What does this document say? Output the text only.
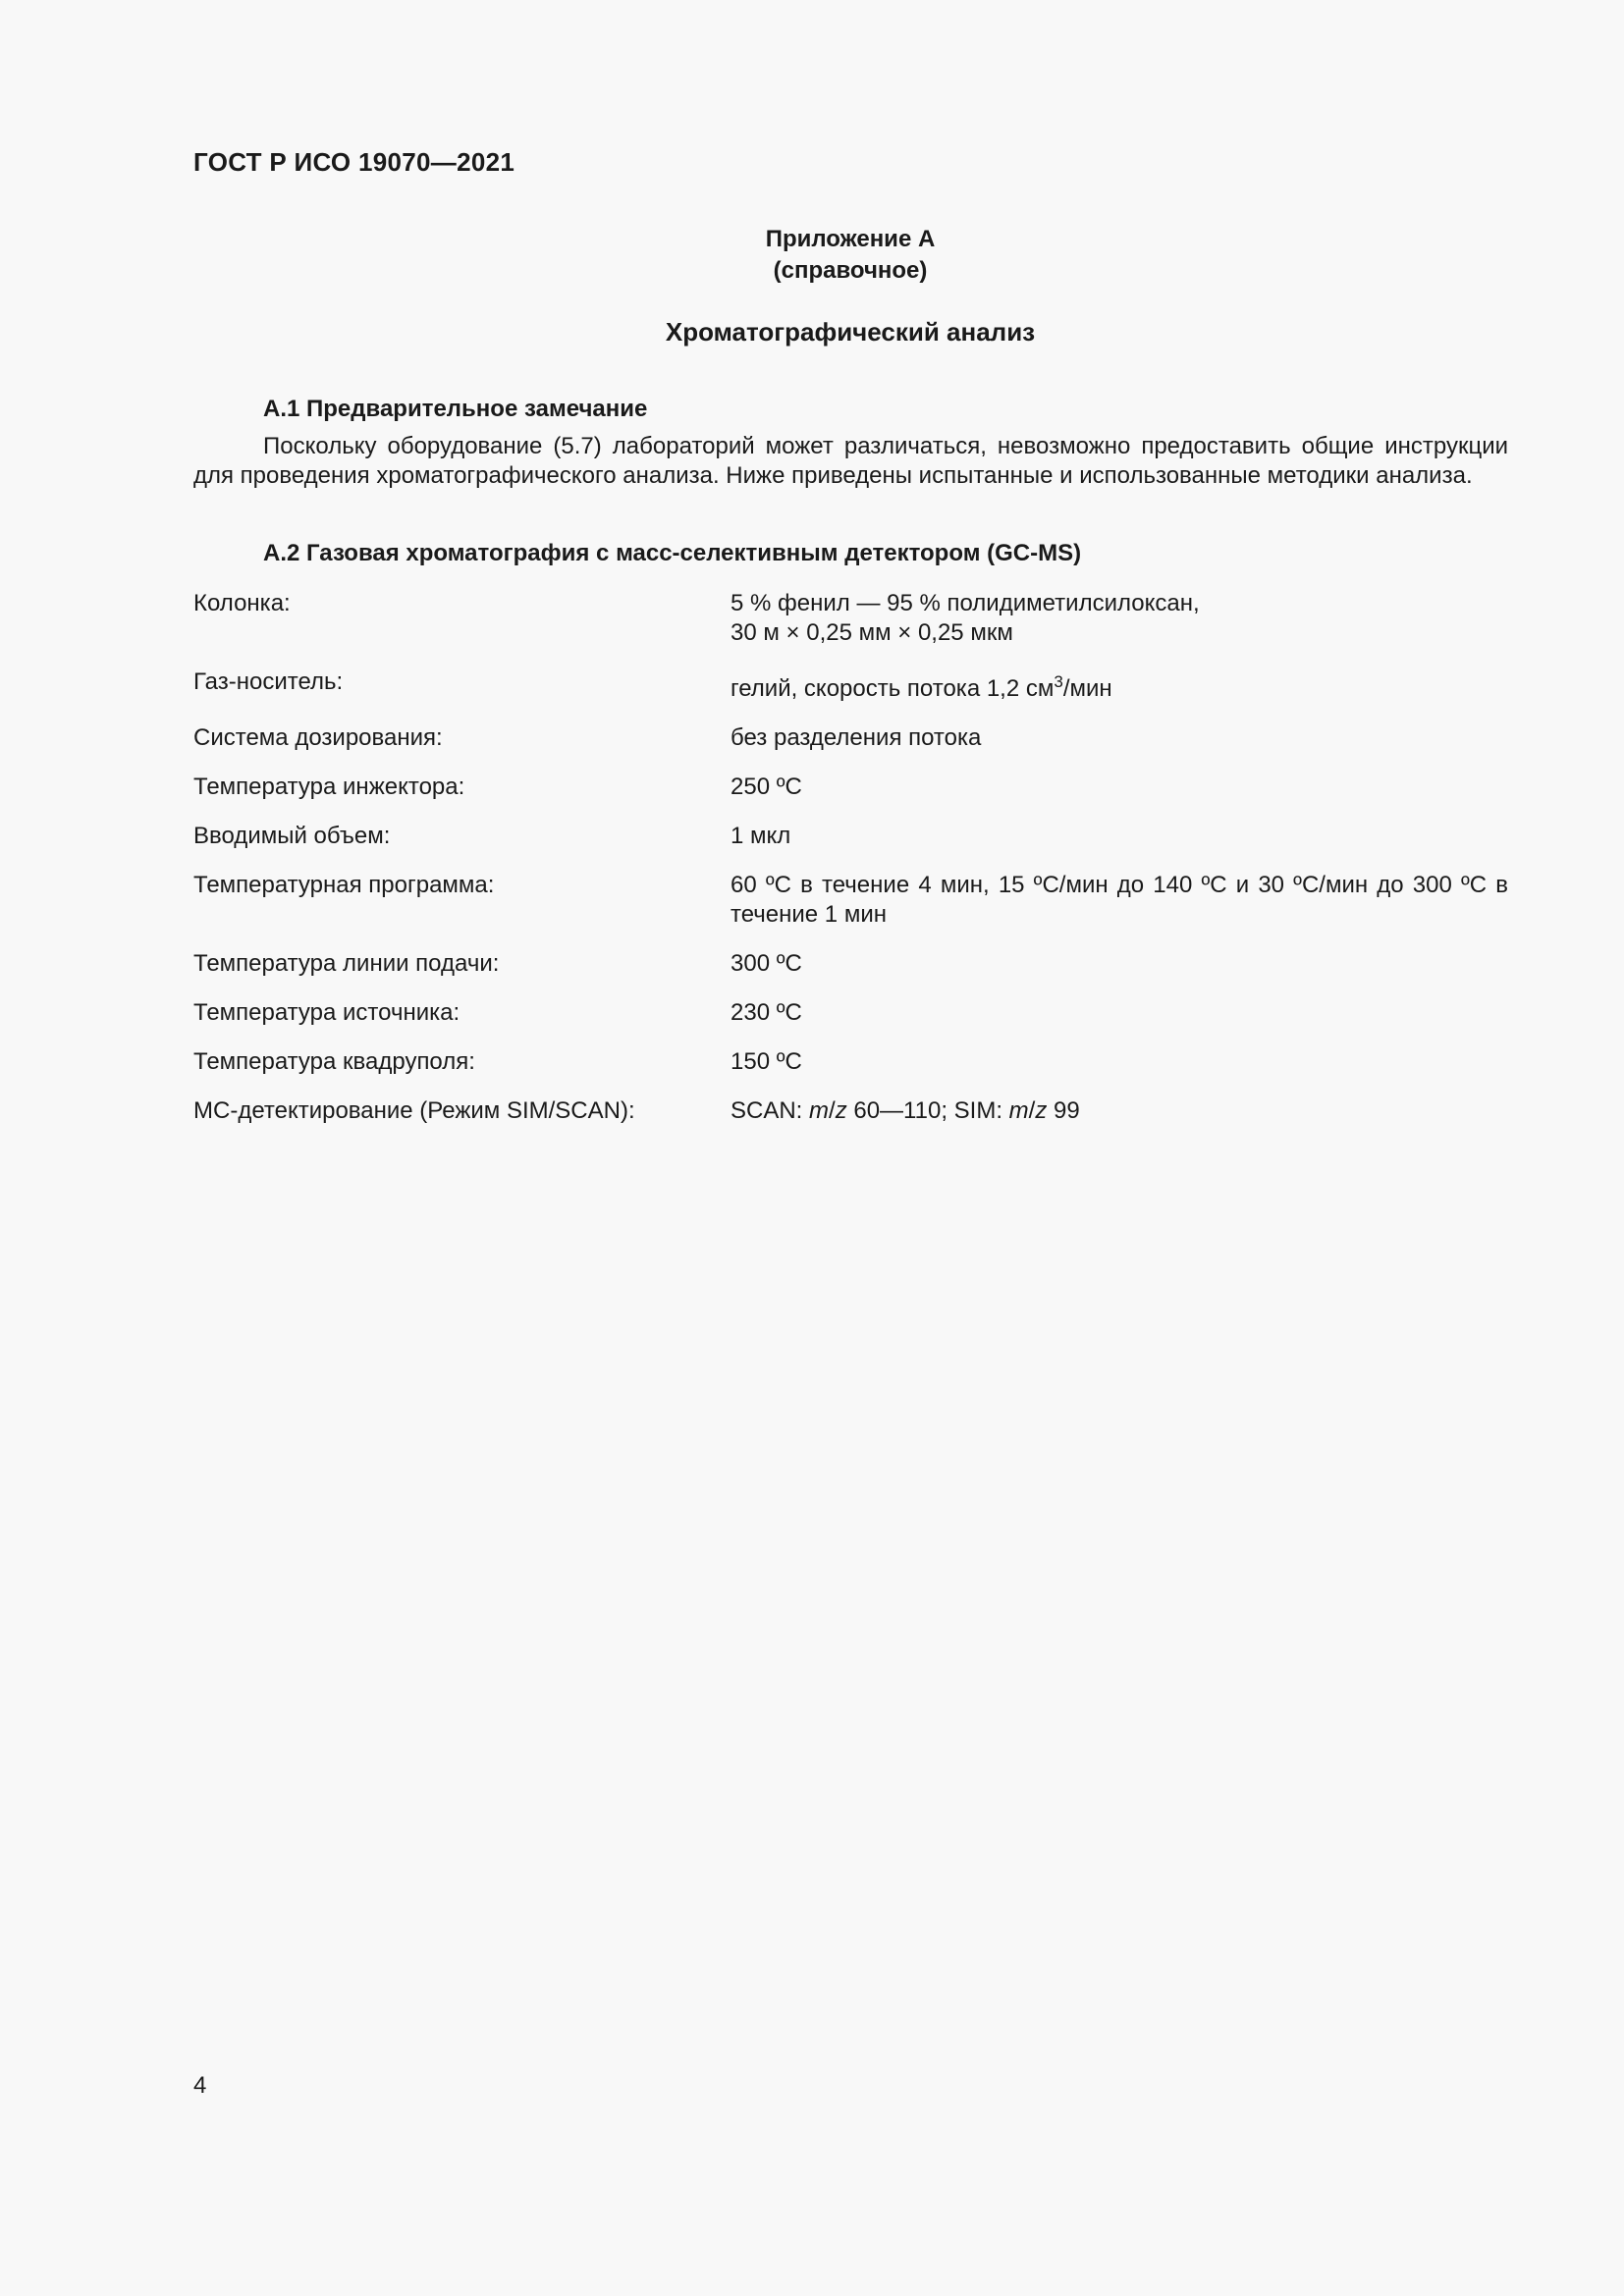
ГОСТ Р ИСО 19070—2021
Приложение А
(справочное)
Хроматографический анализ
А.1 Предварительное замечание
Поскольку оборудование (5.7) лабораторий может различаться, невозможно предоставить общие инструкции для проведения хроматографического анализа. Ниже приведены испытанные и использованные методики анализа.
А.2 Газовая хроматография с масс-селективным детектором (GC-MS)
Колонка:	5 % фенил — 95 % полидиметилсилоксан,
30 м × 0,25 мм × 0,25 мкм
Газ-носитель:	гелий, скорость потока 1,2 $см^3$/мин
Система дозирования:	без разделения потока
Температура инжектора:	250 ºС
Вводимый объем:	1 мкл
Температурная программа:	60 ºС в течение 4 мин, 15 ºС/мин до 140 ºС и 30 ºС/мин до 300 ºС в течение 1 мин
Температура линии подачи:	300 ºС
Температура источника:	230 ºС
Температура квадруполя:	150 ºС
МС-детектирование (Режим SIM/SCAN):	SCAN: m/z 60—110; SIM: m/z 99
4
